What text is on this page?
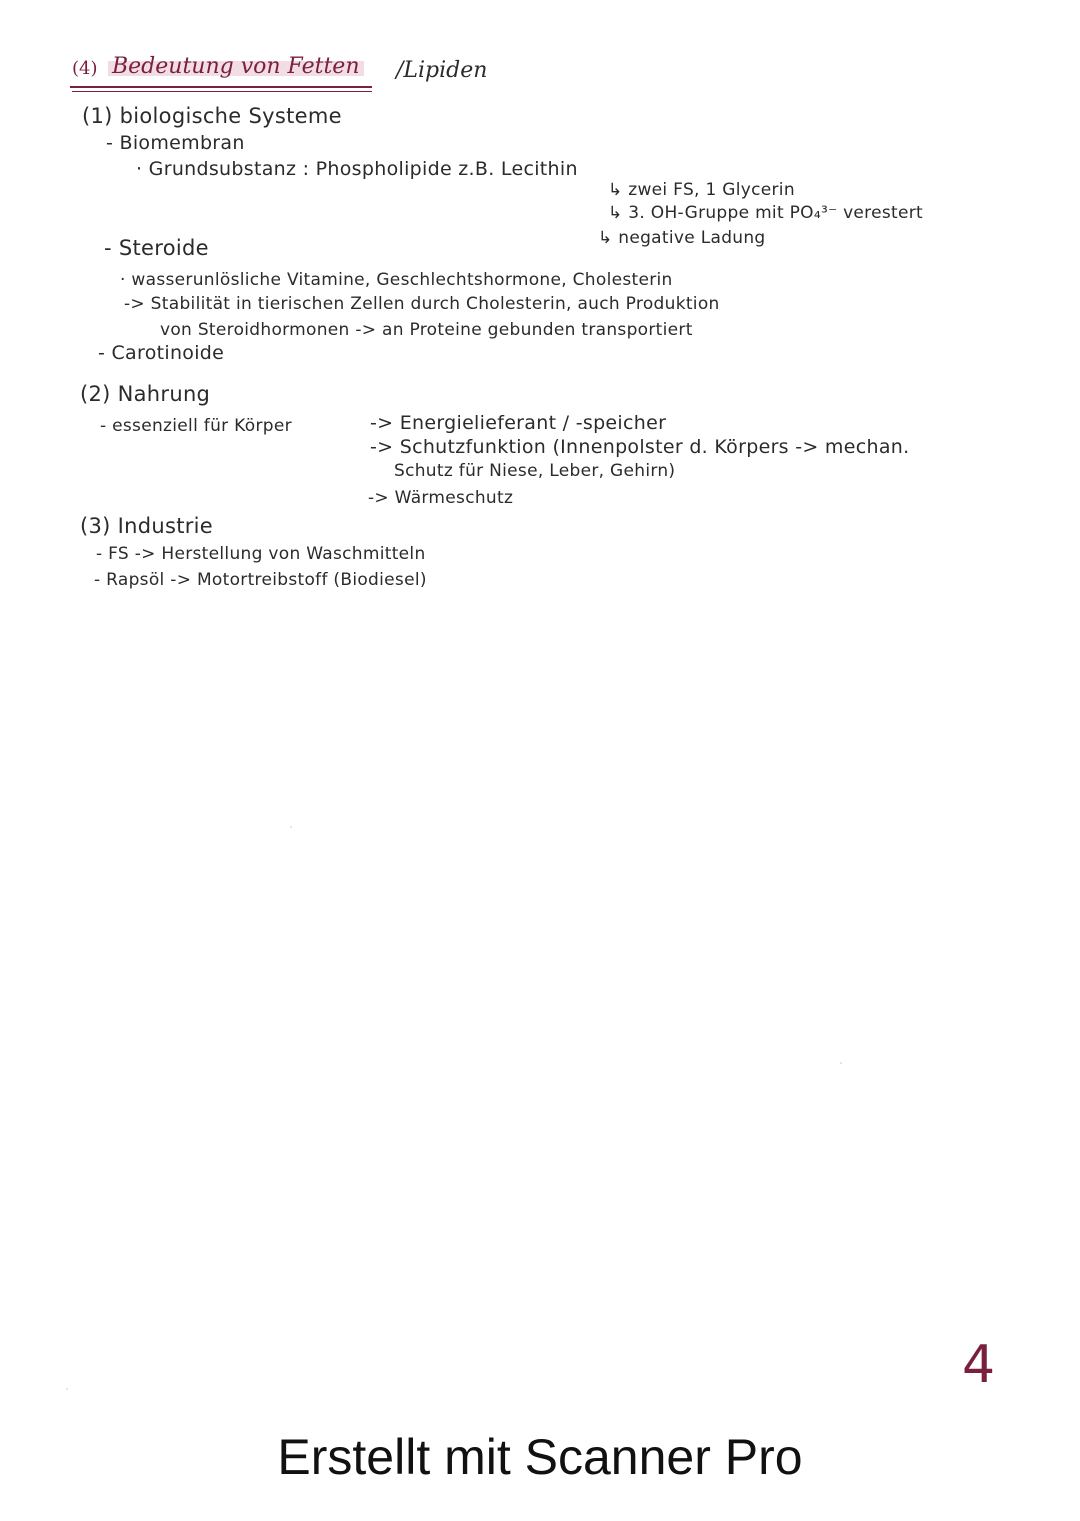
(4) Bedeutung von Fetten /Lipiden
(1) biologische Systeme
- Biomembran
· Grundsubstanz : Phospholipide z.B. Lecithin
↳ zwei FS, 1 Glycerin
↳ 3. OH-Gruppe mit PO₄³⁻ verestert
↳ negative Ladung
- Steroide
· wasserunlösliche Vitamine, Geschlechtshormone, Cholesterin
-> Stabilität in tierischen Zellen durch Cholesterin, auch Produktion
von Steroidhormonen -> an Proteine gebunden transportiert
- Carotinoide
(2) Nahrung
- essenziell für Körper	-> Energielieferant / -speicher
-> Schutzfunktion (Innenpolster d. Körpers -> mechan.
Schutz für Niese, Leber, Gehirn)
-> Wärmeschutz
(3) Industrie
- FS -> Herstellung von Waschmitteln
- Rapsöl -> Motortreibstoff (Biodiesel)
4
Erstellt mit Scanner Pro
